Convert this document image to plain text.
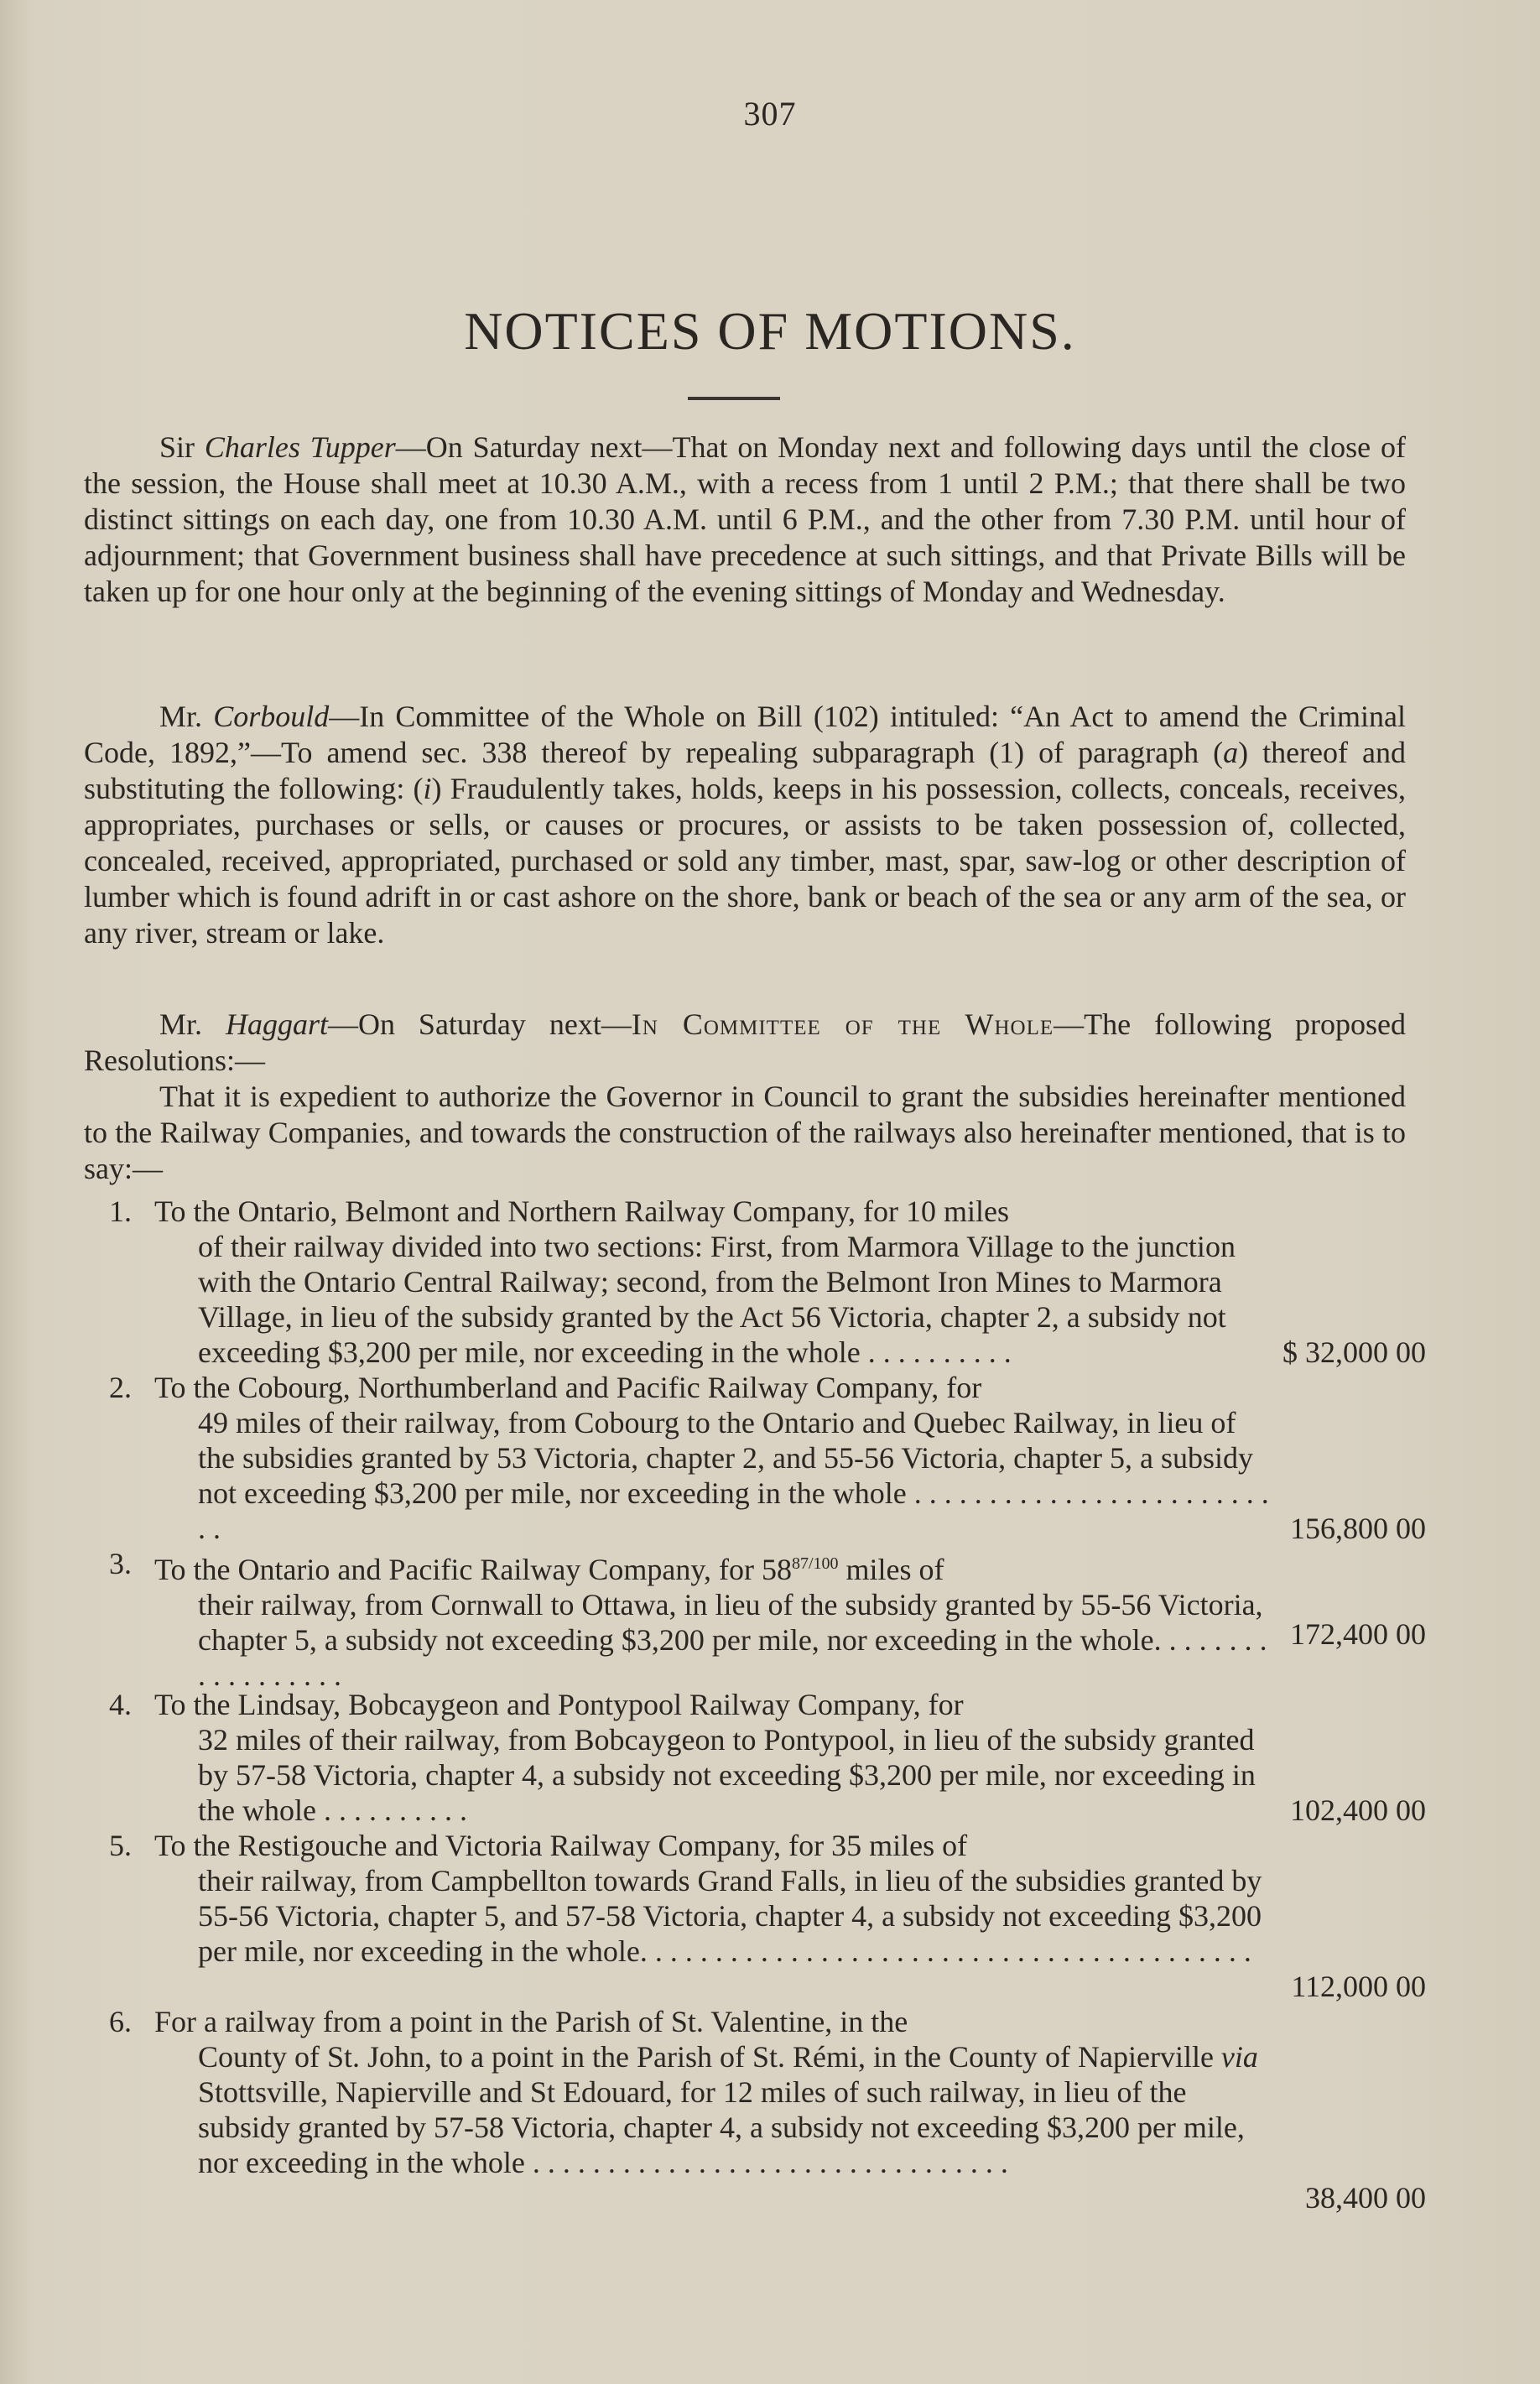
307
NOTICES OF MOTIONS.

Sir Charles Tupper—On Saturday next—That on Monday next and following days until the close of the session, the House shall meet at 10.30 A.M., with a recess from 1 until 2 P.M.; that there shall be two distinct sittings on each day, one from 10.30 A.M. until 6 P.M., and the other from 7.30 P.M. until hour of adjournment; that Government business shall have precedence at such sittings, and that Private Bills will be taken up for one hour only at the beginning of the evening sittings of Monday and Wednesday.

Mr. Corbould—In Committee of the Whole on Bill (102) intituled: “An Act to amend the Criminal Code, 1892,”—To amend sec. 338 thereof by repealing subparagraph (1) of paragraph (a) thereof and substituting the following: (i) Fraudulently takes, holds, keeps in his possession, collects, conceals, receives, appropriates, purchases or sells, or causes or procures, or assists to be taken possession of, collected, concealed, received, appropriated, purchased or sold any timber, mast, spar, saw-log or other description of lumber which is found adrift in or cast ashore on the shore, bank or beach of the sea or any arm of the sea, or any river, stream or lake.

Mr. Haggart—On Saturday next—In Committee of the Whole—The following proposed Resolutions:—

That it is expedient to authorize the Governor in Council to grant the subsidies hereinafter mentioned to the Railway Companies, and towards the construction of the railways also hereinafter mentioned, that is to say:—

1. To the Ontario, Belmont and Northern Railway Company, for 10 miles
of their railway divided into two sections: First, from Marmora Village to the junction with the Ontario Central Railway; second, from the Belmont Iron Mines to Marmora Village, in lieu of the subsidy granted by the Act 56 Victoria, chapter 2, a subsidy not exceeding $3,200 per mile, nor exceeding in the whole . . . . . . . . . .	$ 32,000 00
2. To the Cobourg, Northumberland and Pacific Railway Company, for
49 miles of their railway, from Cobourg to the Ontario and Quebec Railway, in lieu of the subsidies granted by 53 Victoria, chapter 2, and 55-56 Victoria, chapter 5, a subsidy not exceeding $3,200 per mile, nor exceeding in the whole . . . . . . . . . . . . . . . . . . . . . . . . . .	156,800 00
3. To the Ontario and Pacific Railway Company, for $58^{87/100}$ miles of
their railway, from Cornwall to Ottawa, in lieu of the subsidy granted by 55-56 Victoria, chapter 5, a subsidy not exceeding $3,200 per mile, nor exceeding in the whole. . . . . . . . . . . . . . . . . .
172,400 00
4. To the Lindsay, Bobcaygeon and Pontypool Railway Company, for
32 miles of their railway, from Bobcaygeon to Pontypool, in lieu of the subsidy granted by 57-58 Victoria, chapter 4, a subsidy not exceeding $3,200 per mile, nor exceeding in the whole . . . . . . . . . .	102,400 00
5. To the Restigouche and Victoria Railway Company, for 35 miles of
their railway, from Campbellton towards Grand Falls, in lieu of the subsidies granted by 55-56 Victoria, chapter 5, and 57-58 Victoria, chapter 4, a subsidy not exceeding $3,200 per mile, nor exceeding in the whole. . . . . . . . . . . . . . . . . . . . . . . . . . . . . . . . . . . . . . . . .
112,000 00
6. For a railway from a point in the Parish of St. Valentine, in the
County of St. John, to a point in the Parish of St. Rémi, in the County of Napierville via Stottsville, Napierville and St Edouard, for 12 miles of such railway, in lieu of the subsidy granted by 57-58 Victoria, chapter 4, a subsidy not exceeding $3,200 per mile, nor exceeding in the whole . . . . . . . . . . . . . . . . . . . . . . . . . . . . . . . .
38,400 00
